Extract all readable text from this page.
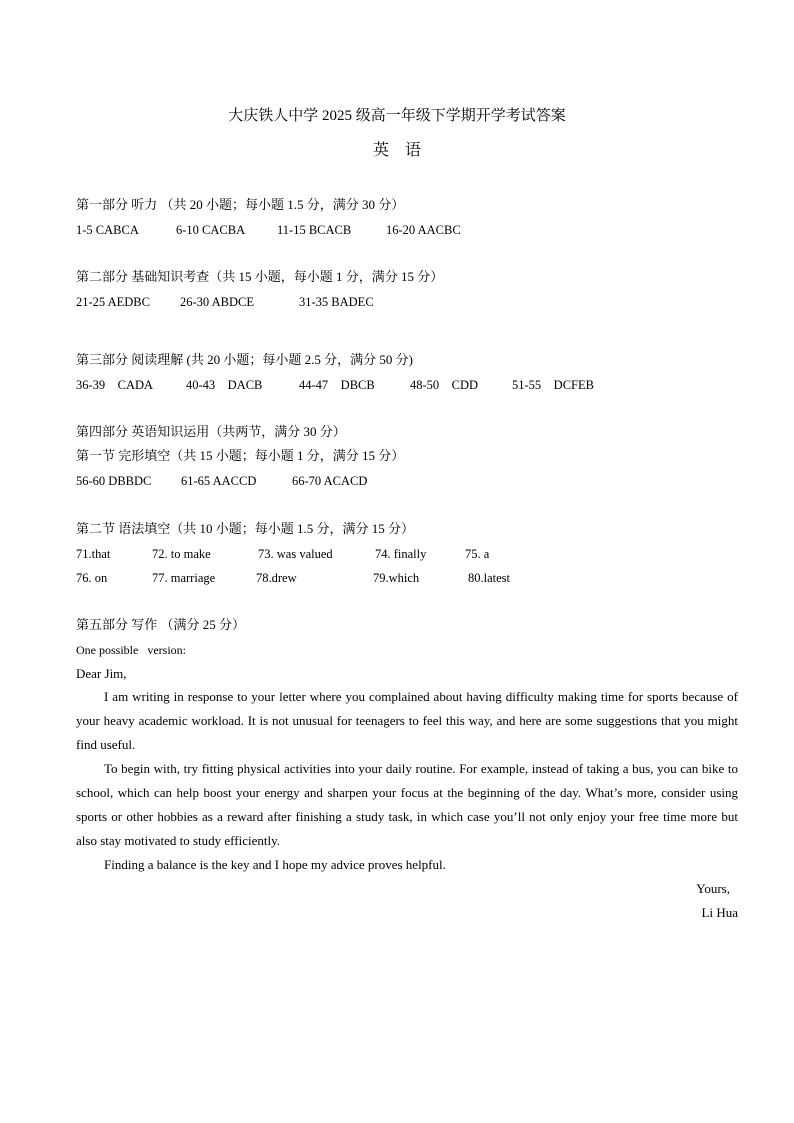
大庆铁人中学 2025 级高一年级下学期开学考试答案
英　语
第一部分 听力 （共 20 小题；每小题 1.5 分，满分 30 分）
1-5 CABCA	6-10 CACBA	11-15 BCACB	16-20 AACBC
第二部分 基础知识考查（共 15 小题，每小题 1 分，满分 15 分）
21-25 AEDBC 26-30 ABDCE	31-35 BADEC
第三部分 阅读理解 (共 20 小题；每小题 2.5 分，满分 50 分)
36-39    CADA	40-43    DACB	44-47    DBCB	48-50    CDD	51-55    DCFEB
第四部分 英语知识运用（共两节，满分 30 分）
第一节 完形填空（共 15 小题；每小题 1 分，满分 15 分）
56-60 DBBDC 61-65 AACCD	66-70 ACACD
第二节 语法填空（共 10 小题；每小题 1.5 分，满分 15 分）
71.that	72. to make	73. was valued	74. finally	75. a
76. on	77. marriage	78.drew	79.which	80.latest
第五部分 写作 （满分 25 分）
One possible   version:
Dear Jim,
I am writing in response to your letter where you complained about having difficulty making time for sports because of your heavy academic workload. It is not unusual for teenagers to feel this way, and here are some suggestions that you might find useful.
To begin with, try fitting physical activities into your daily routine. For example, instead of taking a bus, you can bike to school, which can help boost your energy and sharpen your focus at the beginning of the day. What’s more, consider using sports or other hobbies as a reward after finishing a study task, in which case you’ll not only enjoy your free time more but also stay motivated to study efficiently.
Finding a balance is the key and I hope my advice proves helpful.
Yours,
Li Hua
